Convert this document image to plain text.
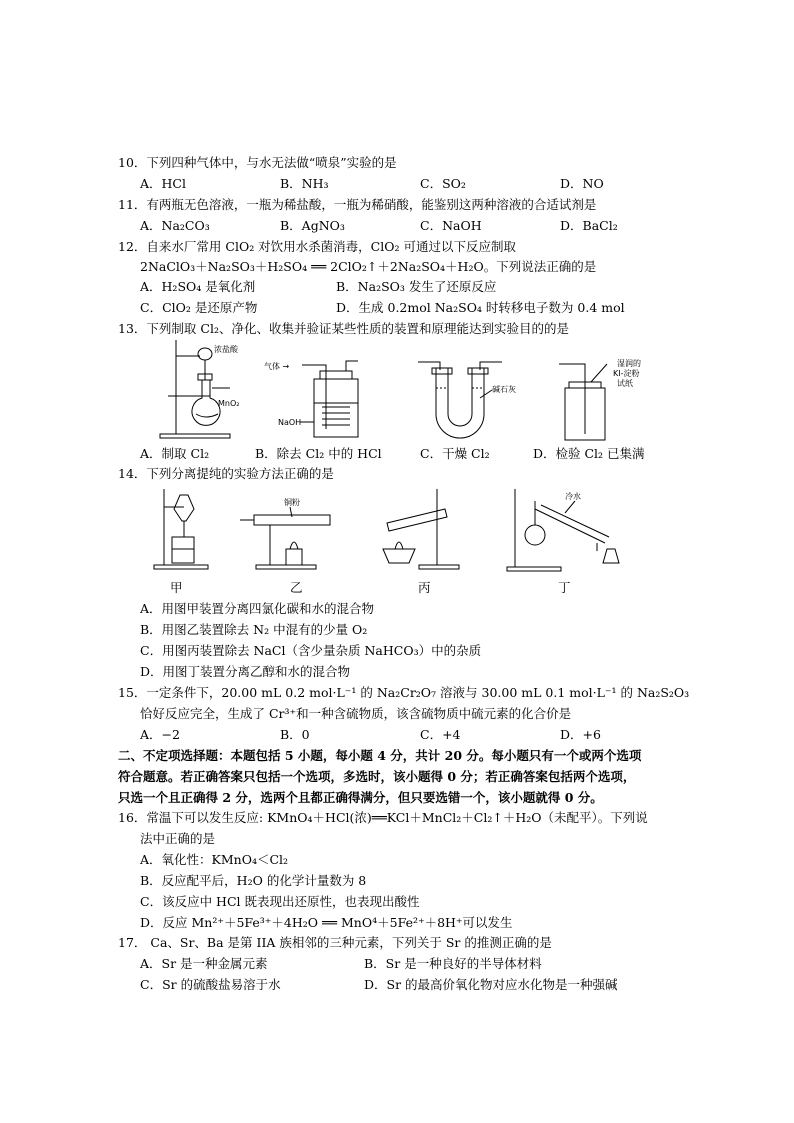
10．下列四种气体中，与水无法做“喷泉”实验的是
A．HCl	B．NH₃	C．SO₂	D．NO
11．有两瓶无色溶液，一瓶为稀盐酸，一瓶为稀硝酸，能鉴别这两种溶液的合适试剂是
A．Na₂CO₃	B．AgNO₃	C．NaOH	D．BaCl₂
12．自来水厂常用 ClO₂ 对饮用水杀菌消毒，ClO₂ 可通过以下反应制取
2NaClO₃＋Na₂SO₃＋H₂SO₄ ══ 2ClO₂↑＋2Na₂SO₄＋H₂O。下列说法正确的是
A．H₂SO₄ 是氧化剂	B．Na₂SO₃ 发生了还原反应
C．ClO₂ 是还原产物	D．生成 0.2mol Na₂SO₄ 时转移电子数为 0.4 mol
13．下列制取 Cl₂、净化、收集并验证某些性质的装置和原理能达到实验目的的是
浓盐酸
MnO₂
气体 →
NaOH
碱石灰
湿润的
KI-淀粉
试纸
A．制取 Cl₂	B．除去 Cl₂ 中的 HCl	C．干燥 Cl₂	D．检验 Cl₂ 已集满
14．下列分离提纯的实验方法正确的是
铜粉
冷水
甲	乙	丙	丁
A．用图甲装置分离四氯化碳和水的混合物
B．用图乙装置除去 N₂ 中混有的少量 O₂
C．用图丙装置除去 NaCl（含少量杂质 NaHCO₃）中的杂质
D．用图丁装置分离乙醇和水的混合物
15．一定条件下，20.00 mL 0.2 mol·L⁻¹ 的 Na₂Cr₂O₇ 溶液与 30.00 mL 0.1 mol·L⁻¹ 的 Na₂S₂O₃
恰好反应完全，生成了 Cr³⁺和一种含硫物质，该含硫物质中硫元素的化合价是
A．−2	B．0	C．+4	D．+6
二、不定项选择题：本题包括 5 小题，每小题 4 分，共计 20 分。每小题只有一个或两个选项
符合题意。若正确答案只包括一个选项，多选时，该小题得 0 分；若正确答案包括两个选项，
只选一个且正确得 2 分，选两个且都正确得满分，但只要选错一个，该小题就得 0 分。
16．常温下可以发生反应: KMnO₄＋HCl(浓)══KCl＋MnCl₂＋Cl₂↑＋H₂O（未配平）。下列说
法中正确的是
A．氧化性：KMnO₄＜Cl₂
B．反应配平后，H₂O 的化学计量数为 8
C．该反应中 HCl 既表现出还原性，也表现出酸性
D．反应 Mn²⁺＋5Fe³⁺＋4H₂O ══ MnO⁴＋5Fe²⁺＋8H⁺可以发生
17． Ca、Sr、Ba 是第 IIA 族相邻的三种元素，下列关于 Sr 的推测正确的是
A．Sr 是一种金属元素	B．Sr 是一种良好的半导体材料
C．Sr 的硫酸盐易溶于水	D．Sr 的最高价氧化物对应水化物是一种强碱
